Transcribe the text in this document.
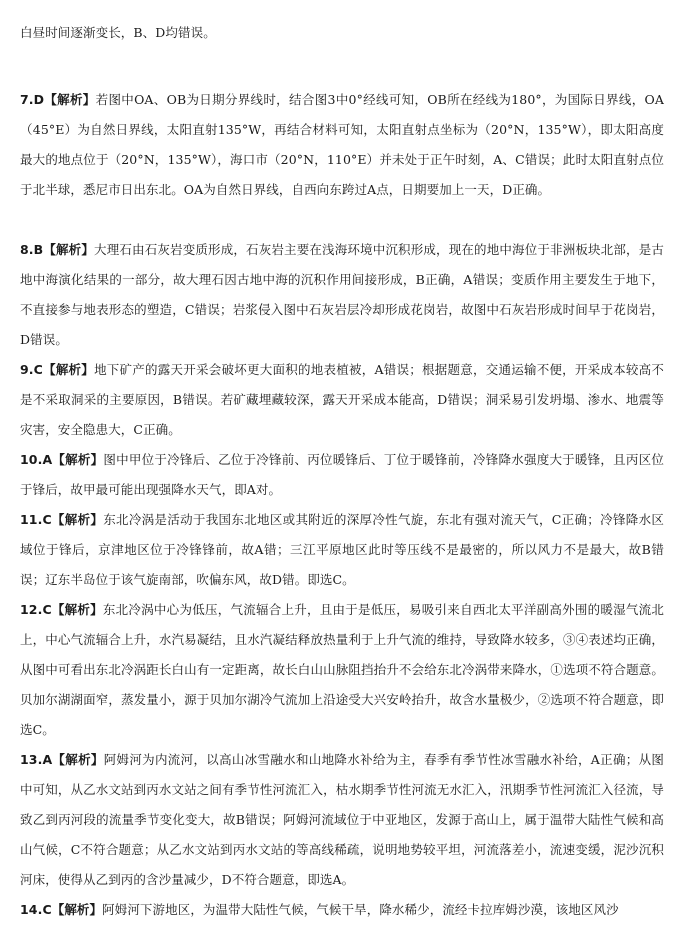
白昼时间逐渐变长，B、D均错误。

7.D【解析】若图中OA、OB为日期分界线时，结合图3中0°经线可知，OB所在经线为180°，为国际日界线，OA（45°E）为自然日界线，太阳直射135°W，再结合材料可知，太阳直射点坐标为（20°N，135°W），即太阳高度最大的地点位于（20°N，135°W），海口市（20°N，110°E）并未处于正午时刻，A、C错误；此时太阳直射点位于北半球，悉尼市日出东北。OA为自然日界线，自西向东跨过A点，日期要加上一天，D正确。

8.B【解析】大理石由石灰岩变质形成，石灰岩主要在浅海环境中沉积形成，现在的地中海位于非洲板块北部，是古地中海演化结果的一部分，故大理石因古地中海的沉积作用间接形成，B正确，A错误；变质作用主要发生于地下，不直接参与地表形态的塑造，C错误；岩浆侵入图中石灰岩层冷却形成花岗岩，故图中石灰岩形成时间早于花岗岩，D错误。

9.C【解析】地下矿产的露天开采会破坏更大面积的地表植被，A错误；根据题意，交通运输不便，开采成本较高不是不采取洞采的主要原因，B错误。若矿藏埋藏较深，露天开采成本能高，D错误；洞采易引发坍塌、渗水、地震等灾害，安全隐患大，C正确。

10.A【解析】图中甲位于冷锋后、乙位于冷锋前、丙位暖锋后、丁位于暖锋前，冷锋降水强度大于暖锋，且丙区位于锋后，故甲最可能出现强降水天气，即A对。

11.C【解析】东北冷涡是活动于我国东北地区或其附近的深厚冷性气旋，东北有强对流天气，C正确；冷锋降水区域位于锋后，京津地区位于冷锋锋前，故A错；三江平原地区此时等压线不是最密的，所以风力不是最大，故B错误；辽东半岛位于该气旋南部，吹偏东风，故D错。即选C。

12.C【解析】东北冷涡中心为低压，气流辐合上升，且由于是低压，易吸引来自西北太平洋副高外围的暖湿气流北上，中心气流辐合上升，水汽易凝结，且水汽凝结释放热量利于上升气流的维持，导致降水较多，③④表述均正确，从图中可看出东北冷涡距长白山有一定距离，故长白山山脉阻挡抬升不会给东北冷涡带来降水，①选项不符合题意。贝加尔湖湖面窄，蒸发量小，源于贝加尔湖冷气流加上沿途受大兴安岭抬升，故含水量极少，②选项不符合题意，即选C。

13.A【解析】阿姆河为内流河，以高山冰雪融水和山地降水补给为主，春季有季节性冰雪融水补给，A正确；从图中可知，从乙水文站到丙水文站之间有季节性河流汇入，枯水期季节性河流无水汇入，汛期季节性河流汇入径流，导致乙到丙河段的流量季节变化变大，故B错误；阿姆河流域位于中亚地区，发源于高山上，属于温带大陆性气候和高山气候，C不符合题意；从乙水文站到丙水文站的等高线稀疏，说明地势较平坦，河流落差小，流速变缓，泥沙沉积河床，使得从乙到丙的含沙量减少，D不符合题意，即选A。

14.C【解析】阿姆河下游地区，为温带大陆性气候，气候干旱，降水稀少，流经卡拉库姆沙漠，该地区风沙
